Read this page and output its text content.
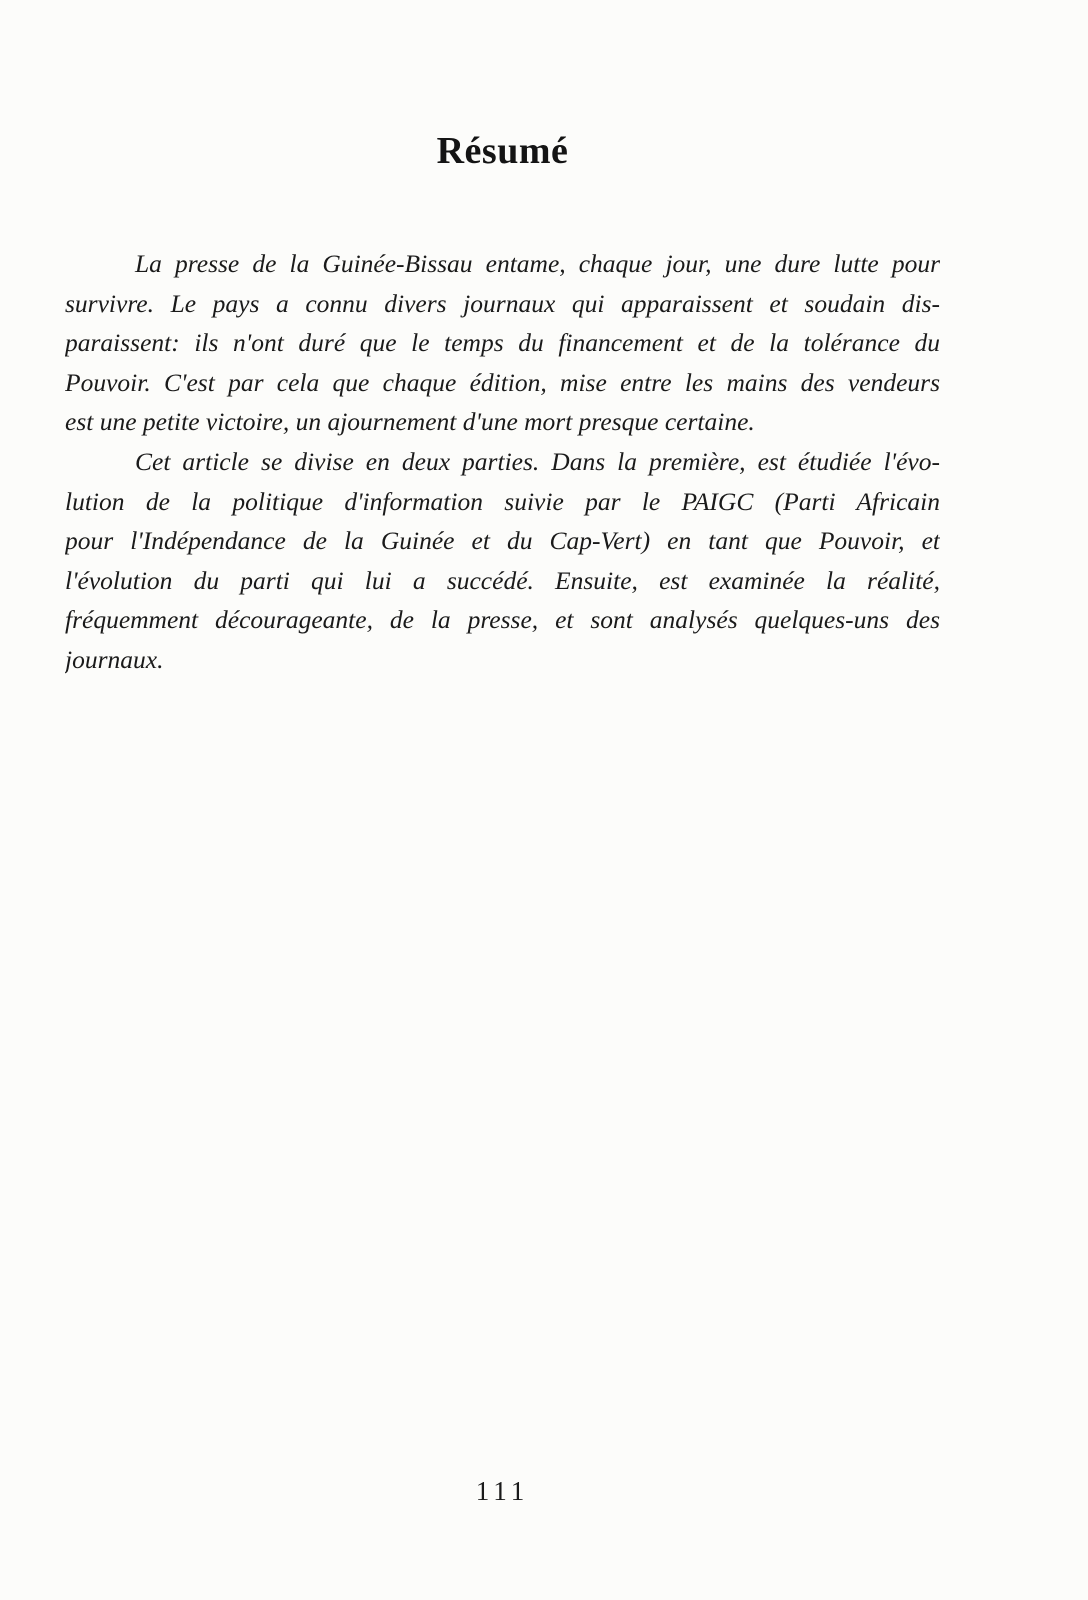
Résumé
La presse de la Guinée-Bissau entame, chaque jour, une dure lutte pour
survivre. Le pays a connu divers journaux qui apparaissent et soudain dis-
paraissent: ils n'ont duré que le temps du financement et de la tolérance du
Pouvoir. C'est par cela que chaque édition, mise entre les mains des vendeurs
est une petite victoire, un ajournement d'une mort presque certaine.
Cet article se divise en deux parties. Dans la première, est étudiée l'évo-
lution de la politique d'information suivie par le PAIGC (Parti Africain
pour l'Indépendance de la Guinée et du Cap-Vert) en tant que Pouvoir, et
l'évolution du parti qui lui a succédé. Ensuite, est examinée la réalité,
fréquemment décourageante, de la presse, et sont analysés quelques-uns des
journaux.
111
